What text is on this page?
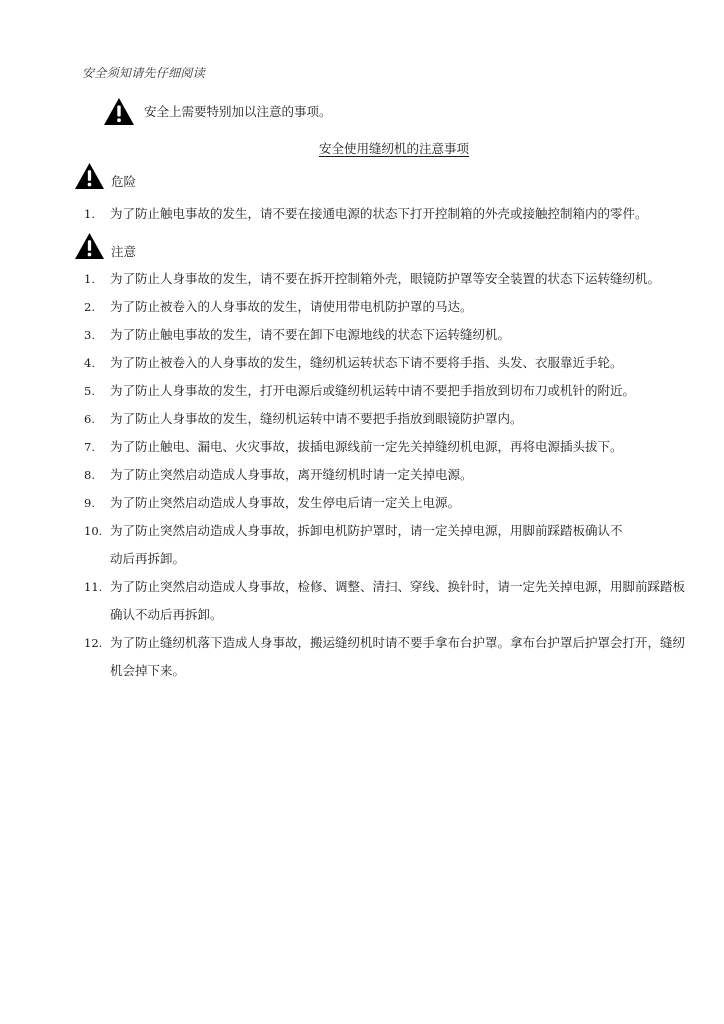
安全须知请先仔细阅读
安全上需要特别加以注意的事项。
安全使用缝纫机的注意事项
危险
1.	为了防止触电事故的发生，请不要在接通电源的状态下打开控制箱的外壳或接触控制箱内的零件。
注意
1.	为了防止人身事故的发生，请不要在拆开控制箱外壳，眼镜防护罩等安全装置的状态下运转缝纫机。
2.	为了防止被卷入的人身事故的发生，请使用带电机防护罩的马达。
3.	为了防止触电事故的发生，请不要在卸下电源地线的状态下运转缝纫机。
4.	为了防止被卷入的人身事故的发生，缝纫机运转状态下请不要将手指、头发、衣服靠近手轮。
5.	为了防止人身事故的发生，打开电源后或缝纫机运转中请不要把手指放到切布刀或机针的附近。
6.	为了防止人身事故的发生，缝纫机运转中请不要把手指放到眼镜防护罩内。
7.	为了防止触电、漏电、火灾事故，拔插电源线前一定先关掉缝纫机电源，再将电源插头拔下。
8.	为了防止突然启动造成人身事故，离开缝纫机时请一定关掉电源。
9.	为了防止突然启动造成人身事故，发生停电后请一定关上电源。
10. 为了防止突然启动造成人身事故，拆卸电机防护罩时，请一定关掉电源，用脚前踩踏板确认不
动后再拆卸。
11. 为了防止突然启动造成人身事故，检修、调整、清扫、穿线、换针时，请一定先关掉电源，用脚前踩踏板
确认不动后再拆卸。
12. 为了防止缝纫机落下造成人身事故，搬运缝纫机时请不要手拿布台护罩。拿布台护罩后护罩会打开，缝纫
机会掉下来。
